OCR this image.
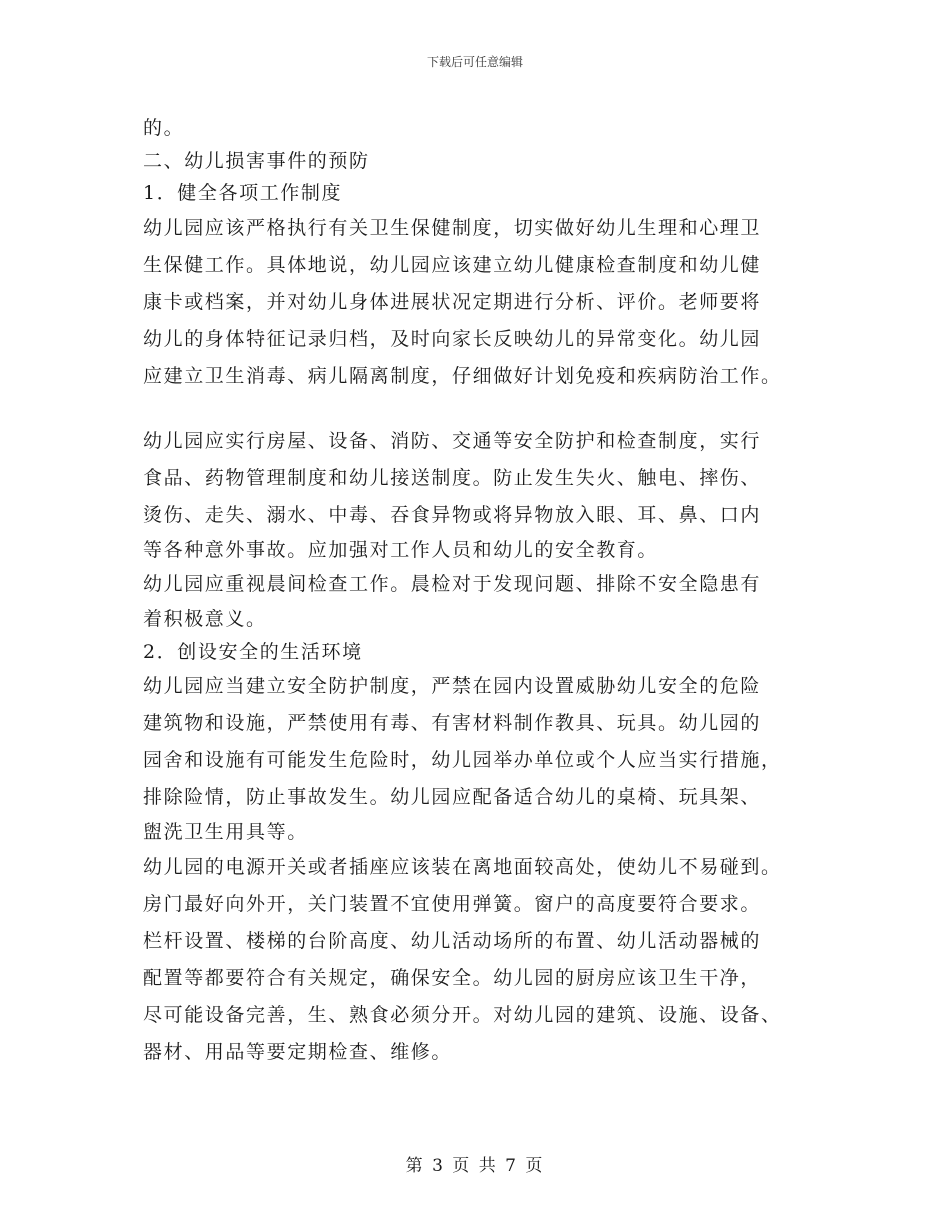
下载后可任意编辑
的。
二、幼儿损害事件的预防
1．健全各项工作制度
幼儿园应该严格执行有关卫生保健制度，切实做好幼儿生理和心理卫
生保健工作。具体地说，幼儿园应该建立幼儿健康检查制度和幼儿健
康卡或档案，并对幼儿身体进展状况定期进行分析、评价。老师要将
幼儿的身体特征记录归档，及时向家长反映幼儿的异常变化。幼儿园
应建立卫生消毒、病儿隔离制度，仔细做好计划免疫和疾病防治工作。
幼儿园应实行房屋、设备、消防、交通等安全防护和检查制度，实行
食品、药物管理制度和幼儿接送制度。防止发生失火、触电、摔伤、
烫伤、走失、溺水、中毒、吞食异物或将异物放入眼、耳、鼻、口内
等各种意外事故。应加强对工作人员和幼儿的安全教育。
幼儿园应重视晨间检查工作。晨检对于发现问题、排除不安全隐患有
着积极意义。
2．创设安全的生活环境
幼儿园应当建立安全防护制度，严禁在园内设置威胁幼儿安全的危险
建筑物和设施，严禁使用有毒、有害材料制作教具、玩具。幼儿园的
园舍和设施有可能发生危险时，幼儿园举办单位或个人应当实行措施，
排除险情，防止事故发生。幼儿园应配备适合幼儿的桌椅、玩具架、
盥洗卫生用具等。
幼儿园的电源开关或者插座应该装在离地面较高处，使幼儿不易碰到。
房门最好向外开，关门装置不宜使用弹簧。窗户的高度要符合要求。
栏杆设置、楼梯的台阶高度、幼儿活动场所的布置、幼儿活动器械的
配置等都要符合有关规定，确保安全。幼儿园的厨房应该卫生干净，
尽可能设备完善，生、熟食必须分开。对幼儿园的建筑、设施、设备、
器材、用品等要定期检查、维修。
第 3 页 共 7 页
